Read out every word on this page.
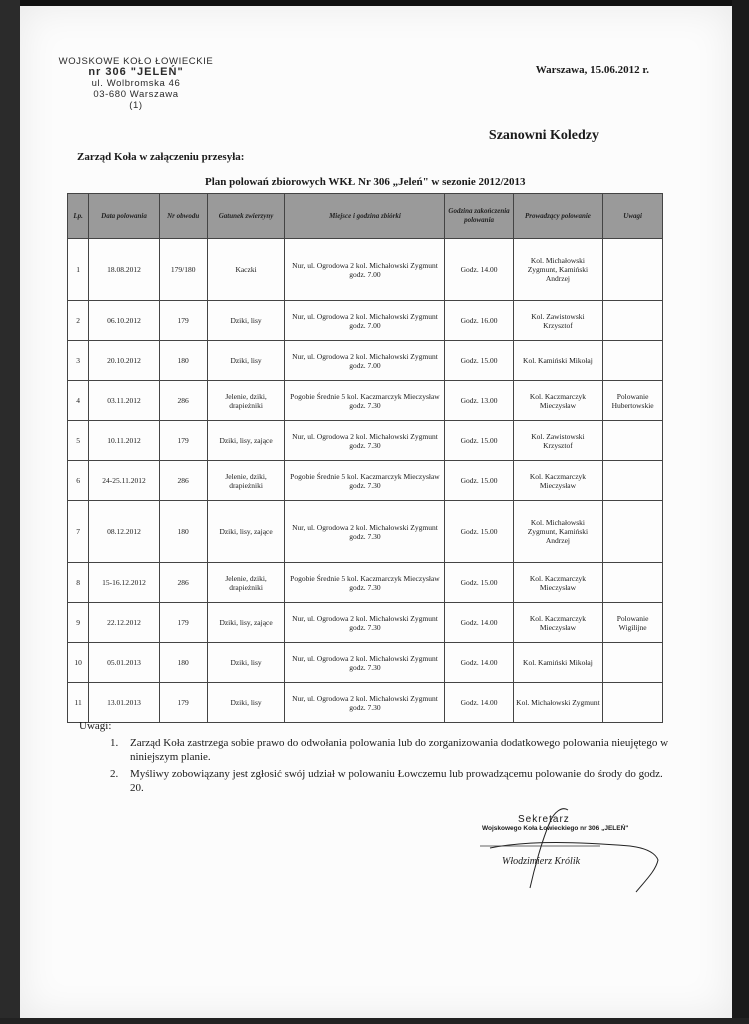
WOJSKOWE KOŁO ŁOWIECKIE
nr 306 "JELEŃ"
ul. Wolbromska 46
03-680 Warszawa
(1)
Warszawa, 15.06.2012 r.
Szanowni Koledzy
Zarząd Koła w załączeniu przesyła:
Plan polowań zbiorowych WKŁ Nr 306 „Jeleń" w sezonie 2012/2013
Lp.	Data polowania	Nr obwodu	Gatunek zwierzyny	Miejsce i godzina zbiórki	Godzina zakończenia polowania	Prowadzący polowanie	Uwagi
1	18.08.2012	179/180	Kaczki	Nur, ul. Ogrodowa 2 kol. Michałowski Zygmunt godz. 7.00	Godz. 14.00	Kol. Michałowski Zygmunt, Kamiński Andrzej	
2	06.10.2012	179	Dziki, lisy	Nur, ul. Ogrodowa 2 kol. Michałowski Zygmunt godz. 7.00	Godz. 16.00	Kol. Zawistowski Krzysztof	
3	20.10.2012	180	Dziki, lisy	Nur, ul. Ogrodowa 2 kol. Michałowski Zygmunt godz. 7.00	Godz. 15.00	Kol. Kamiński Mikołaj	
4	03.11.2012	286	Jelenie, dziki, drapieżniki	Pogobie Średnie 5 kol. Kaczmarczyk Mieczysław godz. 7.30	Godz. 13.00	Kol. Kaczmarczyk Mieczysław	Polowanie Hubertowskie
5	10.11.2012	179	Dziki, lisy, zające	Nur, ul. Ogrodowa 2 kol. Michałowski Zygmunt godz. 7.30	Godz. 15.00	Kol. Zawistowski Krzysztof	
6	24-25.11.2012	286	Jelenie, dziki, drapieżniki	Pogobie Średnie 5 kol. Kaczmarczyk Mieczysław godz. 7.30	Godz. 15.00	Kol. Kaczmarczyk Mieczysław	
7	08.12.2012	180	Dziki, lisy, zające	Nur, ul. Ogrodowa 2 kol. Michałowski Zygmunt godz. 7.30	Godz. 15.00	Kol. Michałowski Zygmunt, Kamiński Andrzej	
8	15-16.12.2012	286	Jelenie, dziki, drapieżniki	Pogobie Średnie 5 kol. Kaczmarczyk Mieczysław godz. 7.30	Godz. 15.00	Kol. Kaczmarczyk Mieczysław	
9	22.12.2012	179	Dziki, lisy, zające	Nur, ul. Ogrodowa 2 kol. Michałowski Zygmunt godz. 7.30	Godz. 14.00	Kol. Kaczmarczyk Mieczysław	Polowanie Wigilijne
10	05.01.2013	180	Dziki, lisy	Nur, ul. Ogrodowa 2 kol. Michałowski Zygmunt godz. 7.30	Godz. 14.00	Kol. Kamiński Mikołaj	
11	13.01.2013	179	Dziki, lisy	Nur, ul. Ogrodowa 2 kol. Michałowski Zygmunt godz. 7.30	Godz. 14.00	Kol. Michałowski Zygmunt	
Uwagi:
1. Zarząd Koła zastrzega sobie prawo do odwołania polowania lub do zorganizowania dodatkowego polowania nieujętego w niniejszym planie.
2. Myśliwy zobowiązany jest zgłosić swój udział w polowaniu Łowczemu lub prowadzącemu polowanie do środy do godz. 20.
Sekretarz
Wojskowego Koła Łowieckiego nr 306 „JELEŃ"
Włodzimierz Królik
